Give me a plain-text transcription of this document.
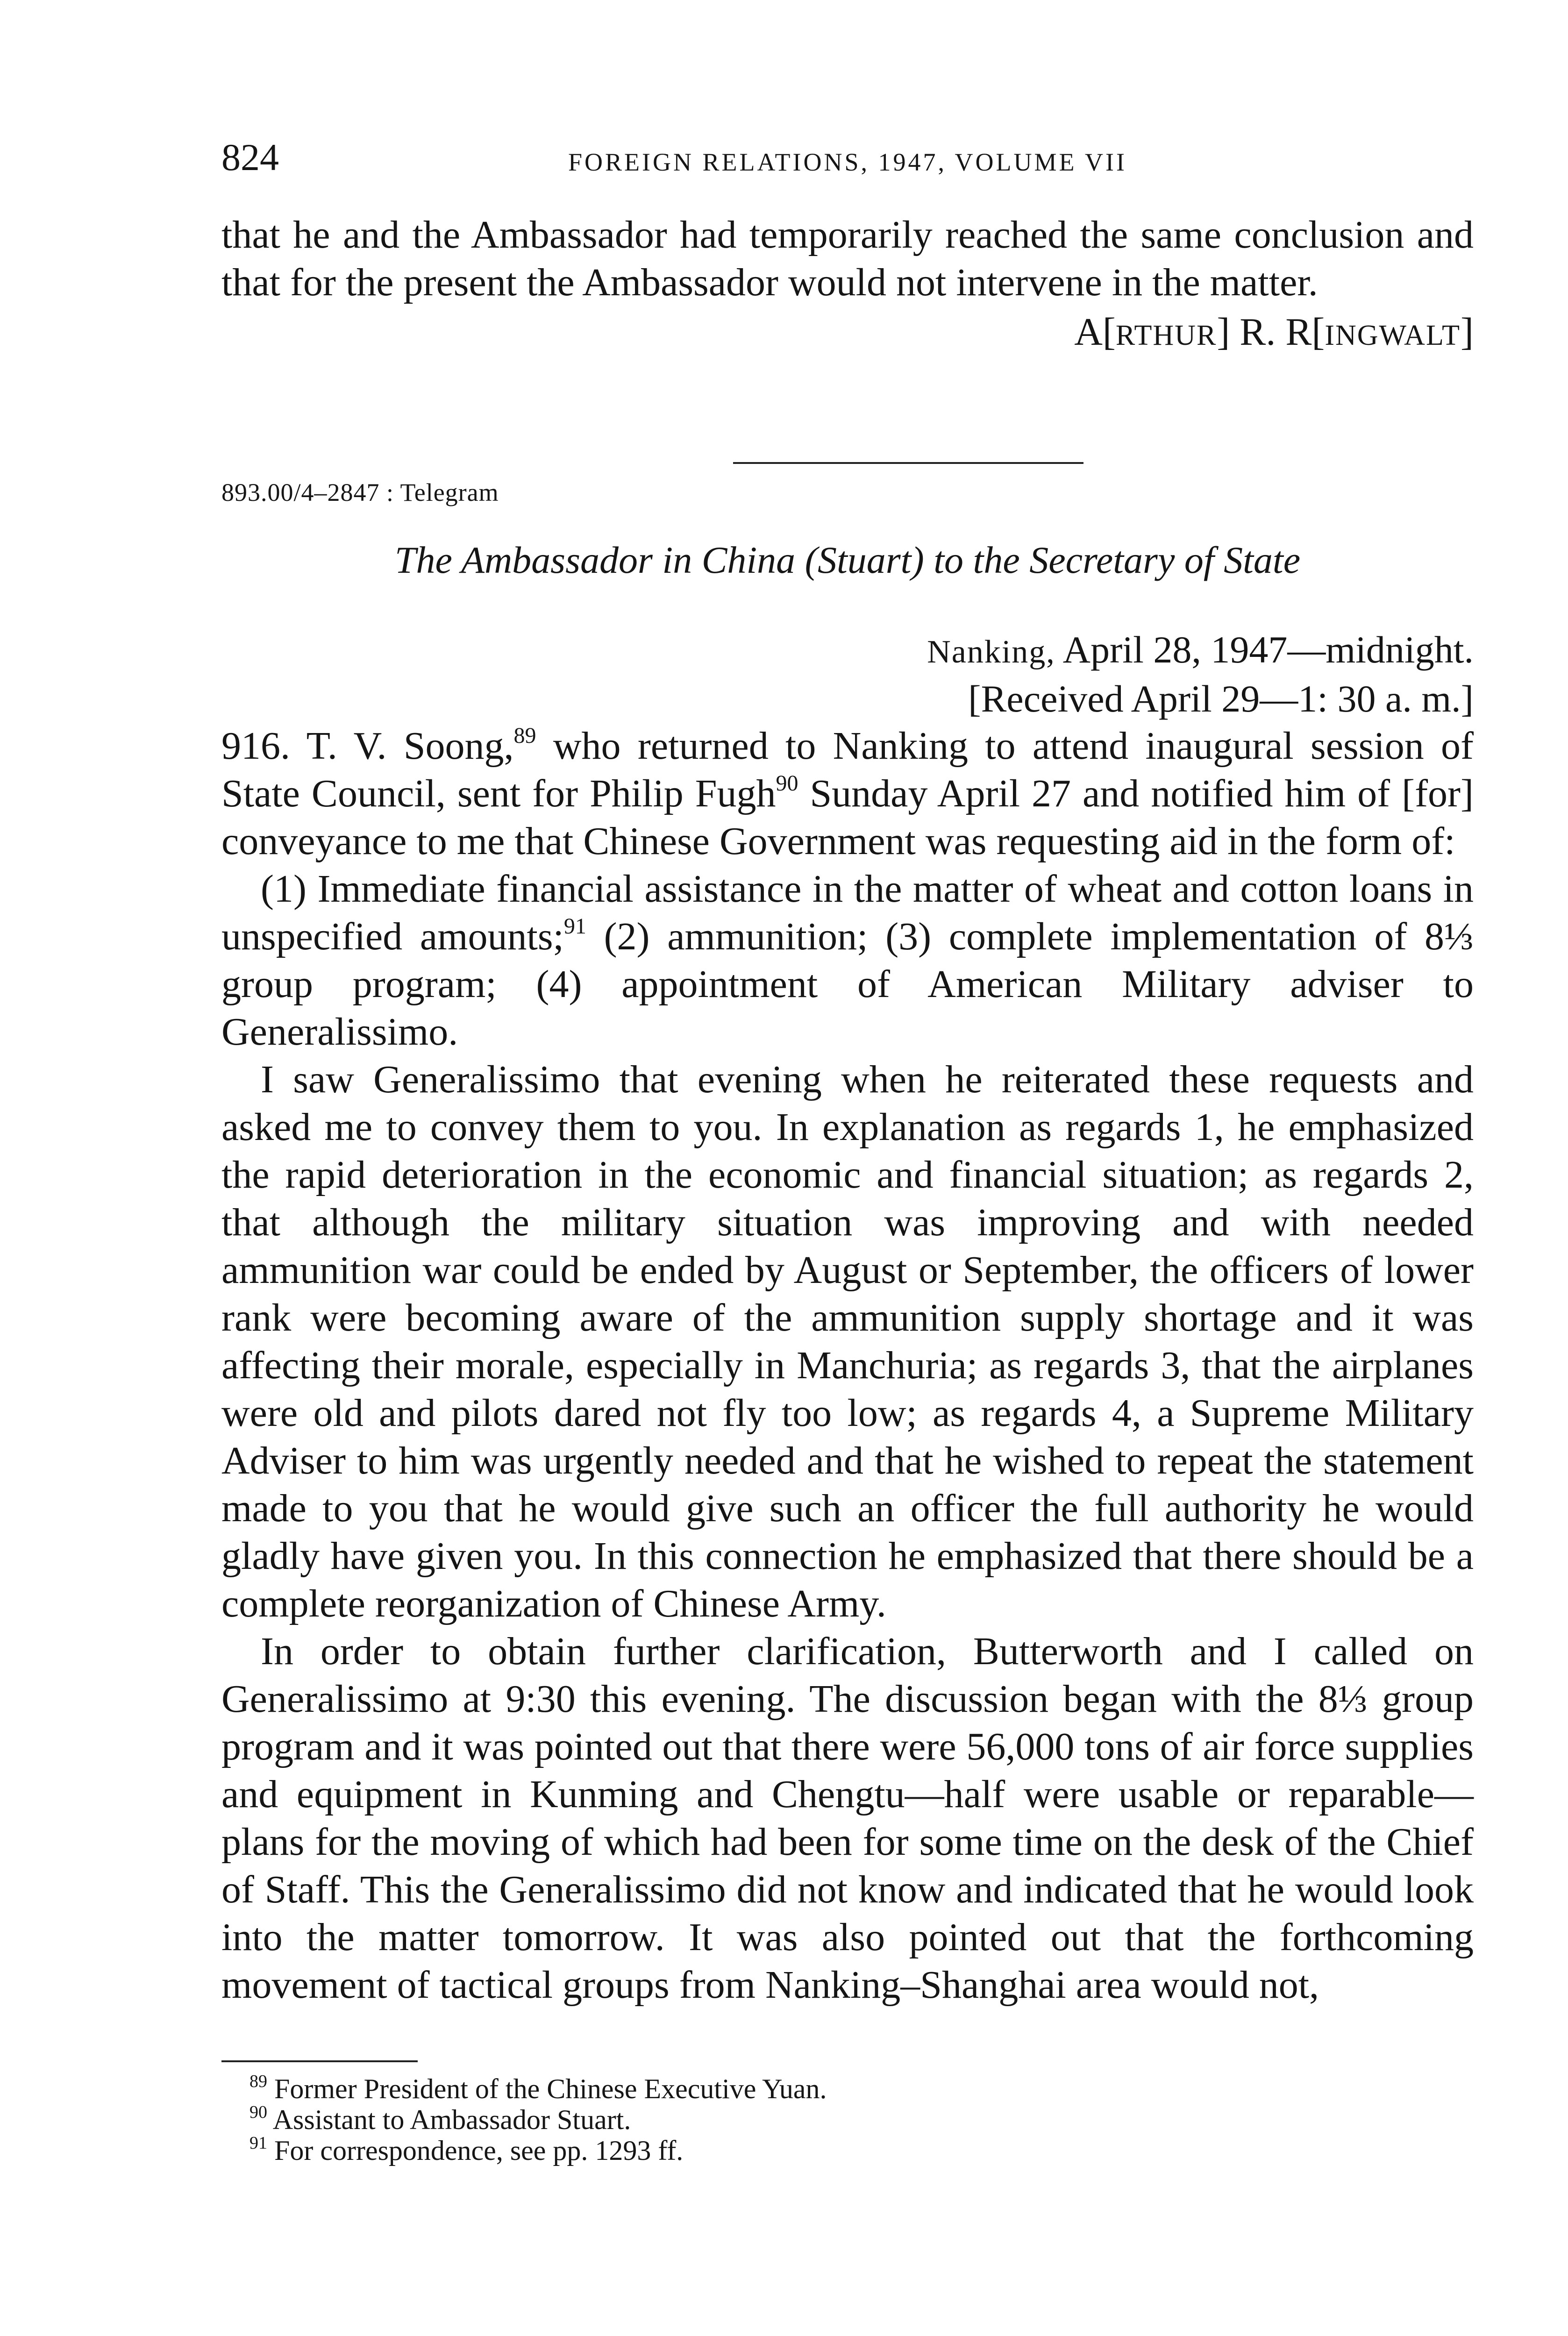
824	FOREIGN RELATIONS, 1947, VOLUME VII

that he and the Ambassador had temporarily reached the same conclusion and that for the present the Ambassador would not intervene in the matter.

A[RTHUR] R. R[INGWALT]

893.00/4–2847 : Telegram

The Ambassador in China (Stuart) to the Secretary of State

Nanking, April 28, 1947—midnight.
[Received April 29—1: 30 a. m.]

916. T. V. Soong,$^{89}$ who returned to Nanking to attend inaugural session of State Council, sent for Philip Fugh$^{90}$ Sunday April 27 and notified him of [for] conveyance to me that Chinese Government was requesting aid in the form of:

(1) Immediate financial assistance in the matter of wheat and cotton loans in unspecified amounts;$^{91}$ (2) ammunition; (3) complete implementation of 8⅓ group program; (4) appointment of American Military adviser to Generalissimo.

I saw Generalissimo that evening when he reiterated these requests and asked me to convey them to you. In explanation as regards 1, he emphasized the rapid deterioration in the economic and financial situation; as regards 2, that although the military situation was improving and with needed ammunition war could be ended by August or September, the officers of lower rank were becoming aware of the ammunition supply shortage and it was affecting their morale, especially in Manchuria; as regards 3, that the airplanes were old and pilots dared not fly too low; as regards 4, a Supreme Military Adviser to him was urgently needed and that he wished to repeat the statement made to you that he would give such an officer the full authority he would gladly have given you. In this connection he emphasized that there should be a complete reorganization of Chinese Army.

In order to obtain further clarification, Butterworth and I called on Generalissimo at 9:30 this evening. The discussion began with the 8⅓ group program and it was pointed out that there were 56,000 tons of air force supplies and equipment in Kunming and Chengtu—half were usable or reparable—plans for the moving of which had been for some time on the desk of the Chief of Staff. This the Generalissimo did not know and indicated that he would look into the matter tomorrow. It was also pointed out that the forthcoming movement of tactical groups from Nanking–Shanghai area would not,

$^{89}$ Former President of the Chinese Executive Yuan.

$^{90}$ Assistant to Ambassador Stuart.

$^{91}$ For correspondence, see pp. 1293 ff.
